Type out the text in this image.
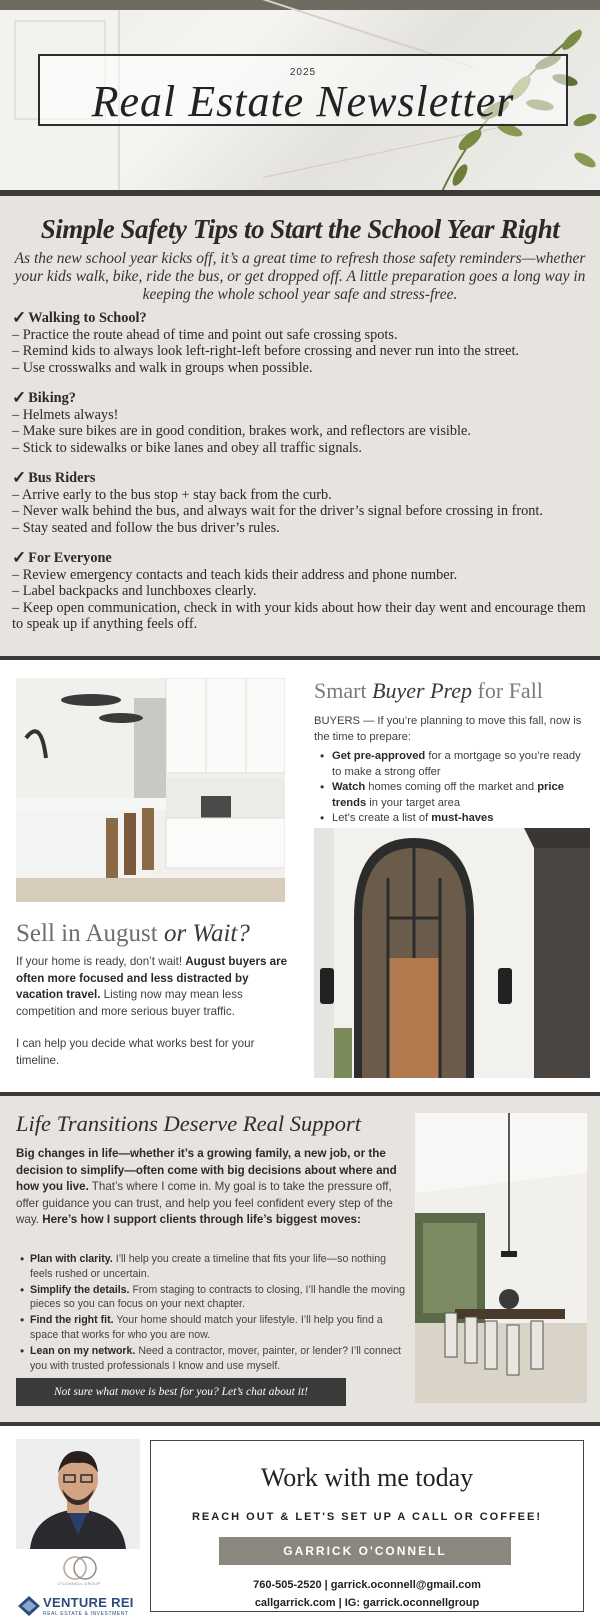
2025
Real Estate Newsletter
Simple Safety Tips to Start the School Year Right
As the new school year kicks off, it’s a great time to refresh those safety reminders—whether your kids walk, bike, ride the bus, or get dropped off. A little preparation goes a long way in keeping the whole school year safe and stress-free.
✓ Walking to School?
– Practice the route ahead of time and point out safe crossing spots.
– Remind kids to always look left-right-left before crossing and never run into the street.
– Use crosswalks and walk in groups when possible.
✓ Biking?
– Helmets always!
– Make sure bikes are in good condition, brakes work, and reflectors are visible.
– Stick to sidewalks or bike lanes and obey all traffic signals.
✓ Bus Riders
– Arrive early to the bus stop + stay back from the curb.
– Never walk behind the bus, and always wait for the driver’s signal before crossing in front.
– Stay seated and follow the bus driver’s rules.
✓ For Everyone
– Review emergency contacts and teach kids their address and phone number.
– Label backpacks and lunchboxes clearly.
– Keep open communication, check in with your kids about how their day went and encourage them to speak up if anything feels off.
Sell in August or Wait?

If your home is ready, don’t wait! August buyers are often more focused and less distracted by vacation travel. Listing now may mean less competition and more serious buyer traffic.

I can help you decide what works best for your timeline.

Smart Buyer Prep for Fall
BUYERS — If you’re planning to move this fall, now is the time to prepare:
• Get pre-approved for a mortgage so you’re ready to make a strong offer
• Watch homes coming off the market and price trends in your target area
• Let’s create a list of must-haves
•
Life Transitions Deserve Real Support
Big changes in life—whether it’s a growing family, a new job, or the decision to simplify—often come with big decisions about where and how you live. That’s where I come in. My goal is to take the pressure off, offer guidance you can trust, and help you feel confident every step of the way. Here’s how I support clients through life’s biggest moves:
• Plan with clarity. I’ll help you create a timeline that fits your life—so nothing feels rushed or uncertain.
• Simplify the details. From staging to contracts to closing, I’ll handle the moving pieces so you can focus on your next chapter.
• Find the right fit. Your home should match your lifestyle. I’ll help you find a space that works for who you are now.
• Lean on my network. Need a contractor, mover, painter, or lender? I’ll connect you with trusted professionals I know and use myself.
Not sure what move is best for you? Let’s chat about it!
O'CONNELL GROUP
VENTURE REI
REAL ESTATE & INVESTMENT
Work with me today
REACH OUT & LET'S SET UP A CALL OR COFFEE!
GARRICK O'CONNELL
760-505-2520 | garrick.oconnell@gmail.com
callgarrick.com | IG: garrick.oconnellgroup
